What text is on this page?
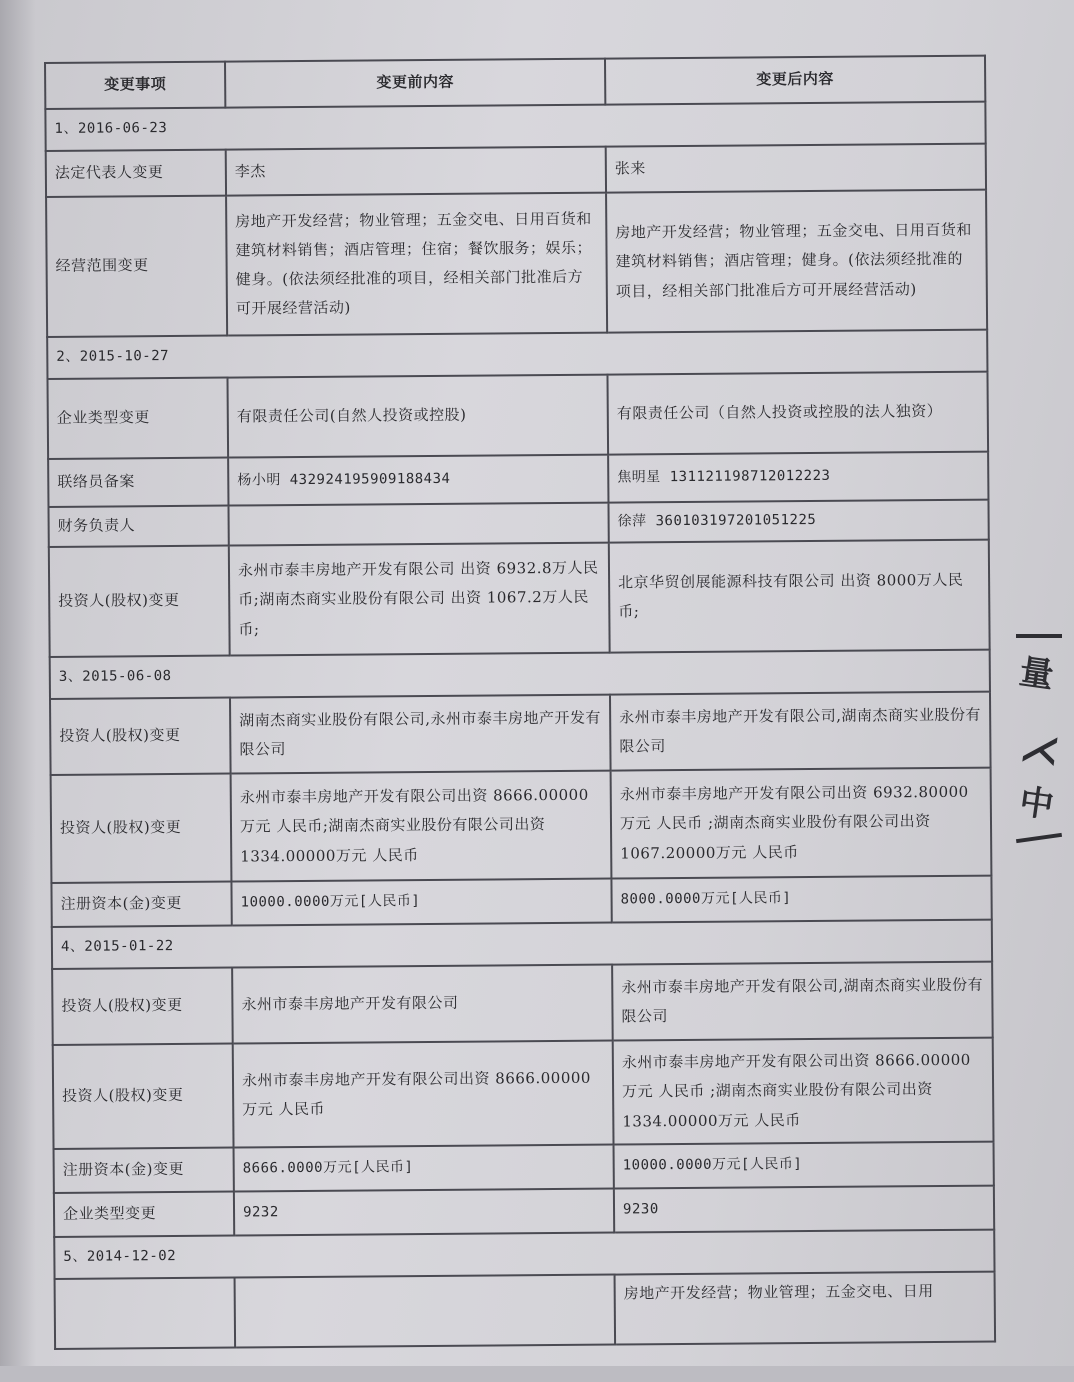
变更事项	变更前内容	变更后内容
1、2016-06-23		
法定代表人变更	李杰	张来
经营范围变更	房地产开发经营；物业管理；五金交电、日用百货和建筑材料销售；酒店管理；住宿；餐饮服务；娱乐；健身。(依法须经批准的项目，经相关部门批准后方可开展经营活动)	房地产开发经营；物业管理；五金交电、日用百货和建筑材料销售；酒店管理；健身。(依法须经批准的项目，经相关部门批准后方可开展经营活动)
2、2015-10-27		
企业类型变更	有限责任公司(自然人投资或控股)	有限责任公司（自然人投资或控股的法人独资）
联络员备案	杨小明 432924195909188434	焦明星 131121198712012223
财务负责人		徐萍 360103197201051225
投资人(股权)变更	永州市泰丰房地产开发有限公司 出资 6932.8万人民币;湖南杰商实业股份有限公司 出资 1067.2万人民币;	北京华贸创展能源科技有限公司 出资 8000万人民币;
3、2015-06-08		
投资人(股权)变更	湖南杰商实业股份有限公司,永州市泰丰房地产开发有限公司	永州市泰丰房地产开发有限公司,湖南杰商实业股份有限公司
投资人(股权)变更	永州市泰丰房地产开发有限公司出资 8666.00000万元 人民币;湖南杰商实业股份有限公司出资 1334.00000万元 人民币	永州市泰丰房地产开发有限公司出资 6932.80000万元 人民币 ;湖南杰商实业股份有限公司出资 1067.20000万元 人民币
注册资本(金)变更	10000.0000万元[人民币]	8000.0000万元[人民币]
4、2015-01-22		
投资人(股权)变更	永州市泰丰房地产开发有限公司	永州市泰丰房地产开发有限公司,湖南杰商实业股份有限公司
投资人(股权)变更	永州市泰丰房地产开发有限公司出资 8666.00000万元 人民币	永州市泰丰房地产开发有限公司出资 8666.00000万元 人民币 ;湖南杰商实业股份有限公司出资 1334.00000万元 人民币
注册资本(金)变更	8666.0000万元[人民币]	10000.0000万元[人民币]
企业类型变更	9232	9230
5、2014-12-02		
		房地产开发经营；物业管理；五金交电、日用
量
⋌
中
